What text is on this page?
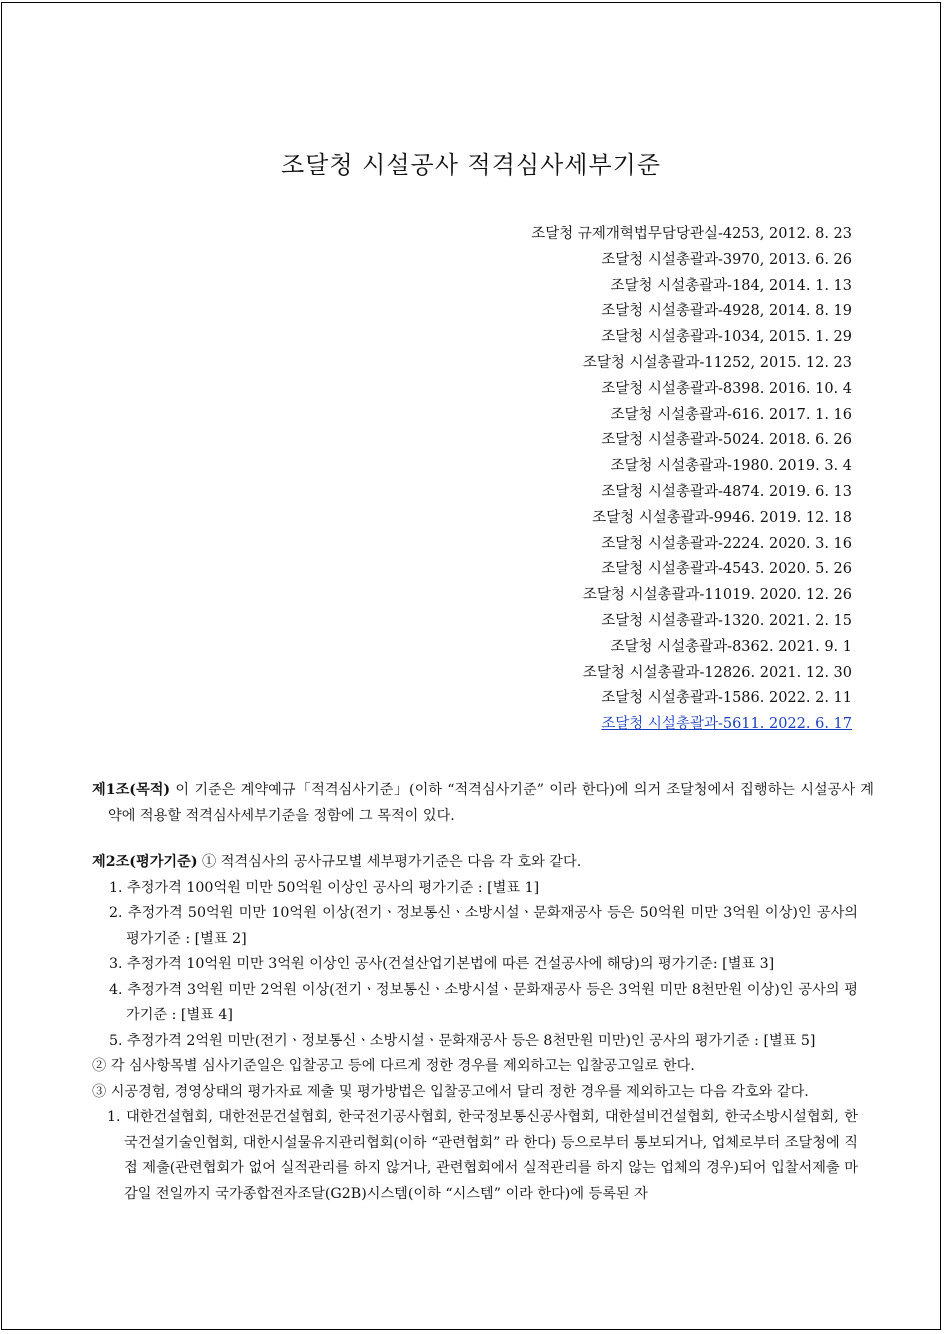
조달청 시설공사 적격심사세부기준
조달청 규제개혁법무담당관실-4253, 2012. 8. 23
조달청 시설총괄과-3970, 2013. 6. 26
조달청 시설총괄과-184, 2014. 1. 13
조달청 시설총괄과-4928, 2014. 8. 19
조달청 시설총괄과-1034, 2015. 1. 29
조달청 시설총괄과-11252, 2015. 12. 23
조달청 시설총괄과-8398. 2016. 10. 4
조달청 시설총괄과-616. 2017. 1. 16
조달청 시설총괄과-5024. 2018. 6. 26
조달청 시설총괄과-1980. 2019. 3. 4
조달청 시설총괄과-4874. 2019. 6. 13
조달청 시설총괄과-9946. 2019. 12. 18
조달청 시설총괄과-2224. 2020. 3. 16
조달청 시설총괄과-4543. 2020. 5. 26
조달청 시설총괄과-11019. 2020. 12. 26
조달청 시설총괄과-1320. 2021. 2. 15
조달청 시설총괄과-8362. 2021. 9. 1
조달청 시설총괄과-12826. 2021. 12. 30
조달청 시설총괄과-1586. 2022. 2. 11
조달청 시설총괄과-5611. 2022. 6. 17
제1조(목적) 이 기준은 계약예규「적격심사기준」(이하 “적격심사기준” 이라 한다)에 의거 조달청에서 집행하는 시설공사 계약에 적용할 적격심사세부기준을 정함에 그 목적이 있다.
제2조(평가기준) ① 적격심사의 공사규모별 세부평가기준은 다음 각 호와 같다.
1. 추정가격 100억원 미만 50억원 이상인 공사의 평가기준 : [별표 1]
2. 추정가격 50억원 미만 10억원 이상(전기ㆍ정보통신ㆍ소방시설ㆍ문화재공사 등은 50억원 미만 3억원 이상)인 공사의 평가기준 : [별표 2]
3. 추정가격 10억원 미만 3억원 이상인 공사(건설산업기본법에 따른 건설공사에 해당)의 평가기준: [별표 3]
4. 추정가격 3억원 미만 2억원 이상(전기ㆍ정보통신ㆍ소방시설ㆍ문화재공사 등은 3억원 미만 8천만원 이상)인 공사의 평가기준 : [별표 4]
5. 추정가격 2억원 미만(전기ㆍ정보통신ㆍ소방시설ㆍ문화재공사 등은 8천만원 미만)인 공사의 평가기준 : [별표 5]
② 각 심사항목별 심사기준일은 입찰공고 등에 다르게 정한 경우를 제외하고는 입찰공고일로 한다.
③ 시공경험, 경영상태의 평가자료 제출 및 평가방법은 입찰공고에서 달리 정한 경우를 제외하고는 다음 각호와 같다.
1. 대한건설협회, 대한전문건설협회, 한국전기공사협회, 한국정보통신공사협회, 대한설비건설협회, 한국소방시설협회, 한국건설기술인협회, 대한시설물유지관리협회(이하 “관련협회” 라 한다) 등으로부터 통보되거나, 업체로부터 조달청에 직접 제출(관련협회가 없어 실적관리를 하지 않거나, 관련협회에서 실적관리를 하지 않는 업체의 경우)되어 입찰서제출 마감일 전일까지 국가종합전자조달(G2B)시스템(이하 “시스템” 이라 한다)에 등록된 자
